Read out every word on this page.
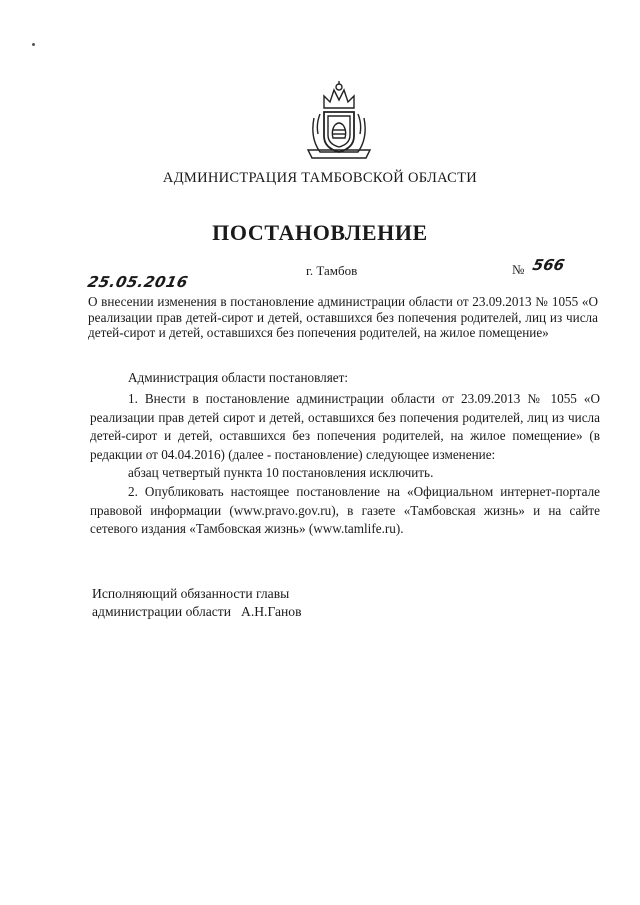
АДМИНИСТРАЦИЯ ТАМБОВСКОЙ ОБЛАСТИ
ПОСТАНОВЛЕНИЕ
г. Тамбов	№ 566
25.05.2016
О внесении изменения в постановление администрации области от 23.09.2013 № 1055 «О реализации прав детей-сирот и детей, оставшихся без попечения родителей, лиц из числа детей-сирот и детей, оставшихся без попечения родителей, на жилое помещение»
Администрация области постановляет:

1. Внести в постановление администрации области от 23.09.2013 № 1055 «О реализации прав детей сирот и детей, оставшихся без попечения родителей, лиц из числа детей-сирот и детей, оставшихся без попечения родителей, на жилое помещение» (в редакции от 04.04.2016) (далее - постановление) следующее изменение:

абзац четвертый пункта 10 постановления исключить.

2. Опубликовать настоящее постановление на «Официальном интернет-портале правовой информации (www.pravo.gov.ru), в газете «Тамбовская жизнь» и на сайте сетевого издания «Тамбовская жизнь» (www.tamlife.ru).

Исполняющий обязанности главы
администрации области А.Н.Ганов
